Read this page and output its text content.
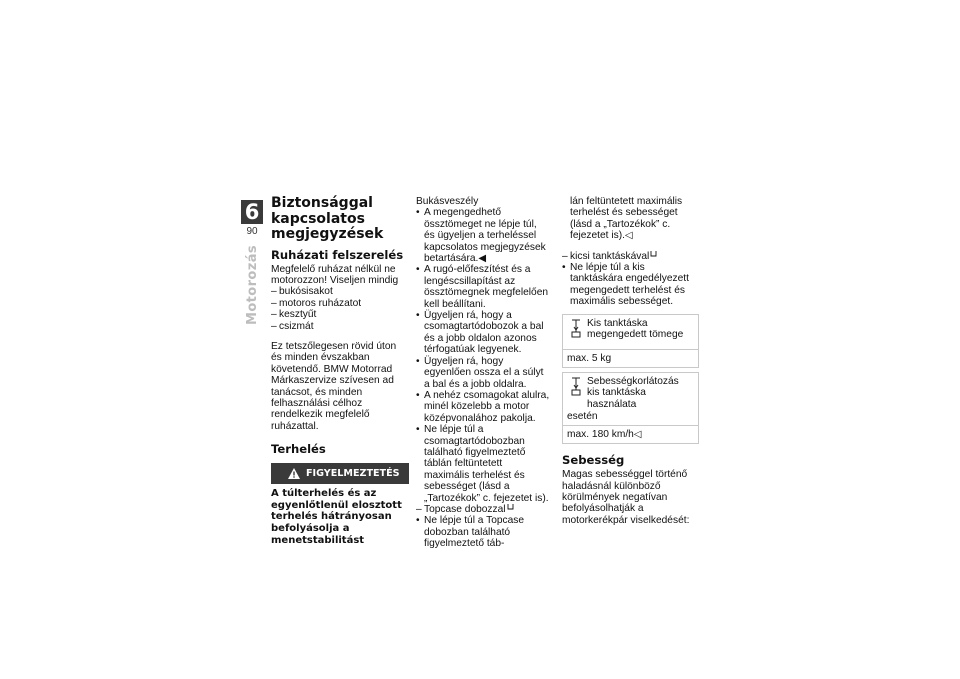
6
90
Motorozás
Biztonsággal kapcsolatos megjegyzések
Ruházati felszerelés

Megfelelő ruházat nélkül ne motorozzon! Viseljen mindig

– bukósisakot
– motoros ruházatot
– kesztyűt
– csizmát

Ez tetszőlegesen rövid úton és minden évszakban követendő. BMW Motorrad Márkaszervize szívesen ad tanácsot, és minden felhasználási célhoz rendelkezik megfelelő ruházattal.

Terhelés
FIGYELMEZTETÉS

A túlterhelés és az egyenlőtlenül elosztott terhelés hátrányosan befolyásolja a menetstabilitást

Bukásveszély

• A megengedhető össztömeget ne lépje túl, és ügyeljen a terheléssel kapcsolatos megjegyzések betartására.◀
• A rugó-előfeszítést és a lengéscsillapítást az össztömegnek megfelelően kell beállítani.
• Ügyeljen rá, hogy a csomagtartódobozok a bal és a jobb oldalon azonos térfogatúak legyenek.
• Ügyeljen rá, hogy egyenlően ossza el a súlyt a bal és a jobb oldalra.
• A nehéz csomagokat alulra, minél közelebb a motor középvonalához pakolja.
• Ne lépje túl a csomagtartódobozban található figyelmeztető táblán feltüntetett maximális terhelést és sebességet (lásd a „Tartozékok” c. fejezetet is).
– Topcase dobozzal
• Ne lépje túl a Topcase dobozban található figyelmeztető táb-

lán feltüntetett maximális terhelést és sebességet (lásd a „Tartozékok” c. fejezetet is).◁

– kicsi tanktáskával
• Ne lépje túl a kis tanktáskára engedélyezett megengedett terhelést és maximális sebességet.
Kis tanktáska megengedett tömege
max. 5 kg
Sebességkorlátozás kis tanktáska használata
esetén
max. 180 km/h◁
Sebesség

Magas sebességgel történő haladásnál különböző körülmények negatívan befolyásolhatják a motorkerékpár viselkedését:
